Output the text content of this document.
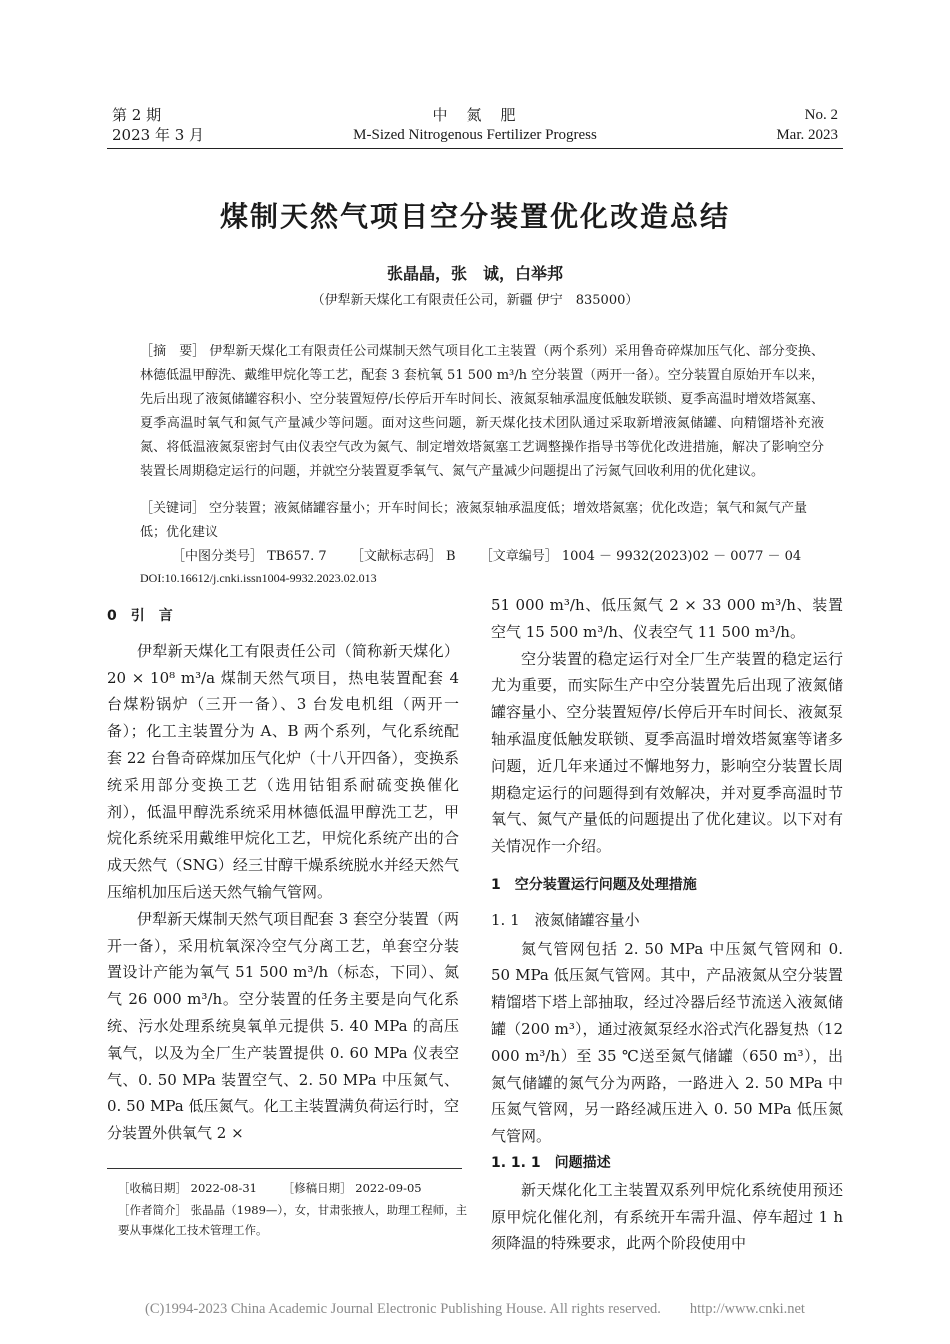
第 2 期
2023 年 3 月
中　氮　肥
M-Sized Nitrogenous Fertilizer Progress
No. 2
Mar. 2023
煤制天然气项目空分装置优化改造总结
张晶晶，张　诚，白举邦
（伊犁新天煤化工有限责任公司，新疆 伊宁　835000）

［摘　要］ 伊犁新天煤化工有限责任公司煤制天然气项目化工主装置（两个系列）采用鲁奇碎煤加压气化、部分变换、林德低温甲醇洗、戴维甲烷化等工艺，配套 3 套杭氧 51 500 m³/h 空分装置（两开一备）。空分装置自原始开车以来，先后出现了液氮储罐容积小、空分装置短停/长停后开车时间长、液氮泵轴承温度低触发联锁、夏季高温时增效塔氮塞、夏季高温时氧气和氮气产量减少等问题。面对这些问题，新天煤化技术团队通过采取新增液氮储罐、向精馏塔补充液氮、将低温液氮泵密封气由仪表空气改为氮气、制定增效塔氮塞工艺调整操作指导书等优化改进措施，解决了影响空分装置长周期稳定运行的问题，并就空分装置夏季氧气、氮气产量减少问题提出了污氮气回收利用的优化建议。

［关键词］ 空分装置；液氮储罐容量小；开车时间长；液氮泵轴承温度低；增效塔氮塞；优化改造；氧气和氮气产量低；优化建议

［中图分类号］ TB657. 7 ［文献标志码］ B ［文章编号］ 1004 － 9932(2023)02 － 0077 － 04
DOI:10.16612/j.cnki.issn1004-9932.2023.02.013
0　引　言

伊犁新天煤化工有限责任公司（简称新天煤化）20 × 10⁸ m³/a 煤制天然气项目，热电装置配套 4 台煤粉锅炉（三开一备）、3 台发电机组（两开一备）；化工主装置分为 A、B 两个系列，气化系统配套 22 台鲁奇碎煤加压气化炉（十八开四备），变换系统采用部分变换工艺（选用钴钼系耐硫变换催化剂），低温甲醇洗系统采用林德低温甲醇洗工艺，甲烷化系统采用戴维甲烷化工艺，甲烷化系统产出的合成天然气（SNG）经三甘醇干燥系统脱水并经天然气压缩机加压后送天然气输气管网。

伊犁新天煤制天然气项目配套 3 套空分装置（两开一备），采用杭氧深冷空气分离工艺，单套空分装置设计产能为氧气 51 500 m³/h（标态，下同）、氮气 26 000 m³/h。空分装置的任务主要是向气化系统、污水处理系统臭氧单元提供 5. 40 MPa 的高压氧气，以及为全厂生产装置提供 0. 60 MPa 仪表空气、0. 50 MPa 装置空气、2. 50 MPa 中压氮气、0. 50 MPa 低压氮气。化工主装置满负荷运行时，空分装置外供氧气 2 ×

51 000 m³/h、低压氮气 2 × 33 000 m³/h、装置空气 15 500 m³/h、仪表空气 11 500 m³/h。

空分装置的稳定运行对全厂生产装置的稳定运行尤为重要，而实际生产中空分装置先后出现了液氮储罐容量小、空分装置短停/长停后开车时间长、液氮泵轴承温度低触发联锁、夏季高温时增效塔氮塞等诸多问题，近几年来通过不懈地努力，影响空分装置长周期稳定运行的问题得到有效解决，并对夏季高温时节氧气、氮气产量低的问题提出了优化建议。以下对有关情况作一介绍。

1　空分装置运行问题及处理措施
1. 1　液氮储罐容量小

氮气管网包括 2. 50 MPa 中压氮气管网和 0. 50 MPa 低压氮气管网。其中，产品液氮从空分装置精馏塔下塔上部抽取，经过冷器后经节流送入液氮储罐（200 m³），通过液氮泵经水浴式汽化器复热（12 000 m³/h）至 35 ℃送至氮气储罐（650 m³），出氮气储罐的氮气分为两路，一路进入 2. 50 MPa 中压氮气管网，另一路经减压进入 0. 50 MPa 低压氮气管网。

1. 1. 1　问题描述

新天煤化化工主装置双系列甲烷化系统使用预还原甲烷化催化剂，有系统开车需升温、停车超过 1 h 须降温的特殊要求，此两个阶段使用中

［收稿日期］ 2022-08-31 ［修稿日期］ 2022-09-05
［作者简介］ 张晶晶（1989—），女，甘肃张掖人，助理工程师，主要从事煤化工技术管理工作。
(C)1994-2023 China Academic Journal Electronic Publishing House. All rights reserved.　　http://www.cnki.net
